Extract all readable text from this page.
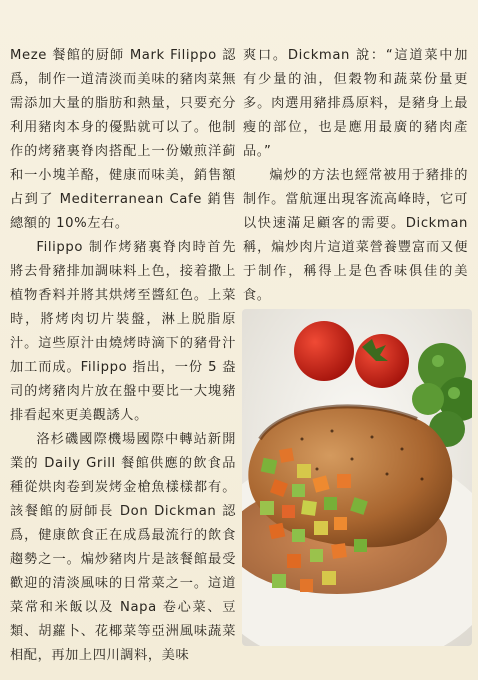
Meze 餐館的厨師 Mark Filippo 認爲，制作一道清淡而美味的豬肉菜無需添加大量的脂肪和熱量，只要充分利用豬肉本身的優點就可以了。他制作的烤豬裏脊肉搭配上一份嫩煎洋蓟和一小塊羊酪，健康而味美，銷售額占到了 Mediterranean Cafe 銷售總額的 10%左右。

Filippo 制作烤豬裏脊肉時首先將去骨豬排加調味料上色，接着撒上植物香料并將其烘烤至醬紅色。上菜時，將烤肉切片裝盤，淋上脱脂原汁。這些原汁由燒烤時滴下的豬骨汁加工而成。Filippo 指出，一份 5 盎司的烤豬肉片放在盤中要比一大塊豬排看起來更美觀誘人。

洛杉磯國際機場國際中轉站新開業的 Daily Grill 餐館供應的飲食品種從烘肉卷到炭烤金槍魚樣樣都有。該餐館的厨師長 Don Dickman 認爲，健康飲食正在成爲最流行的飲食趨勢之一。煸炒豬肉片是該餐館最受歡迎的清淡風味的日常菜之一。這道菜常和米飯以及 Napa 卷心菜、豆類、胡蘿卜、花椰菜等亞洲風味蔬菜相配，再加上四川調料，美味

爽口。Dickman 說：“這道菜中加有少量的油，但穀物和蔬菜份量更多。肉選用豬排爲原料，是豬身上最瘦的部位，也是應用最廣的豬肉產品。”

煸炒的方法也經常被用于豬排的制作。當航運出現客流高峰時，它可以快速滿足顧客的需要。Dickman 稱，煸炒肉片這道菜營養豐富而又便于制作，稱得上是色香味俱佳的美食。
